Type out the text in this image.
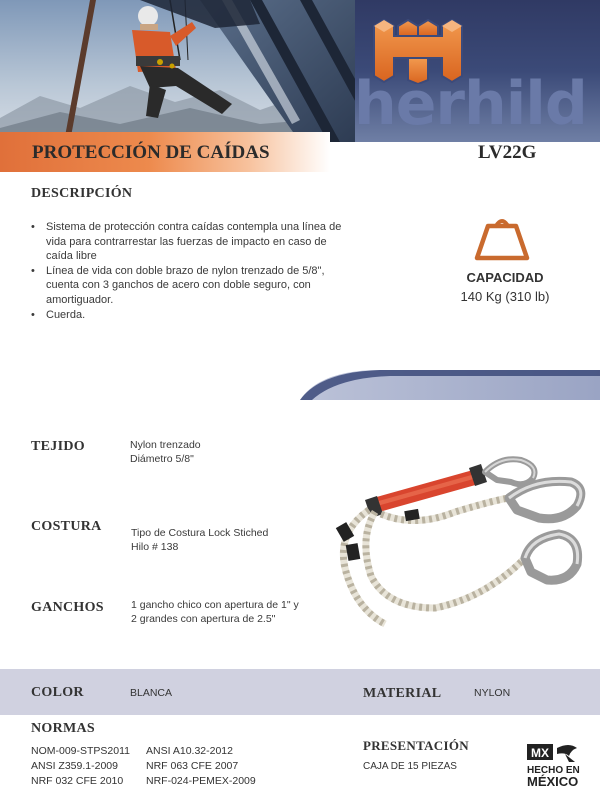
herhild
PROTECCIÓN DE CAÍDAS	LV22G
DESCRIPCIÓN
• Sistema de protección contra caídas contempla una línea de vida para contrarrestar las fuerzas de impacto en caso de caída libre
• Línea de vida con doble brazo de nylon trenzado de 5/8", cuenta con 3 ganchos de acero con doble seguro, con amortiguador.
• Cuerda.
CAPACIDAD
140 Kg (310 lb)
TEJIDO	Nylon trenzado
Diámetro 5/8"
COSTURA	Tipo de Costura Lock Stiched
Hilo # 138
GANCHOS	1 gancho chico con apertura de 1" y
2 grandes con apertura de 2.5"
COLOR	BLANCA	MATERIAL	NYLON
NORMAS
NOM-009-STPS2011 ANSI A10.32-2012
ANSI Z359.1-2009	NRF 063 CFE 2007
NRF 032 CFE 2010 NRF-024-PEMEX-2009
PRESENTACIÓN
CAJA DE 15 PIEZAS
MX
HECHO EN
MÉXICO
